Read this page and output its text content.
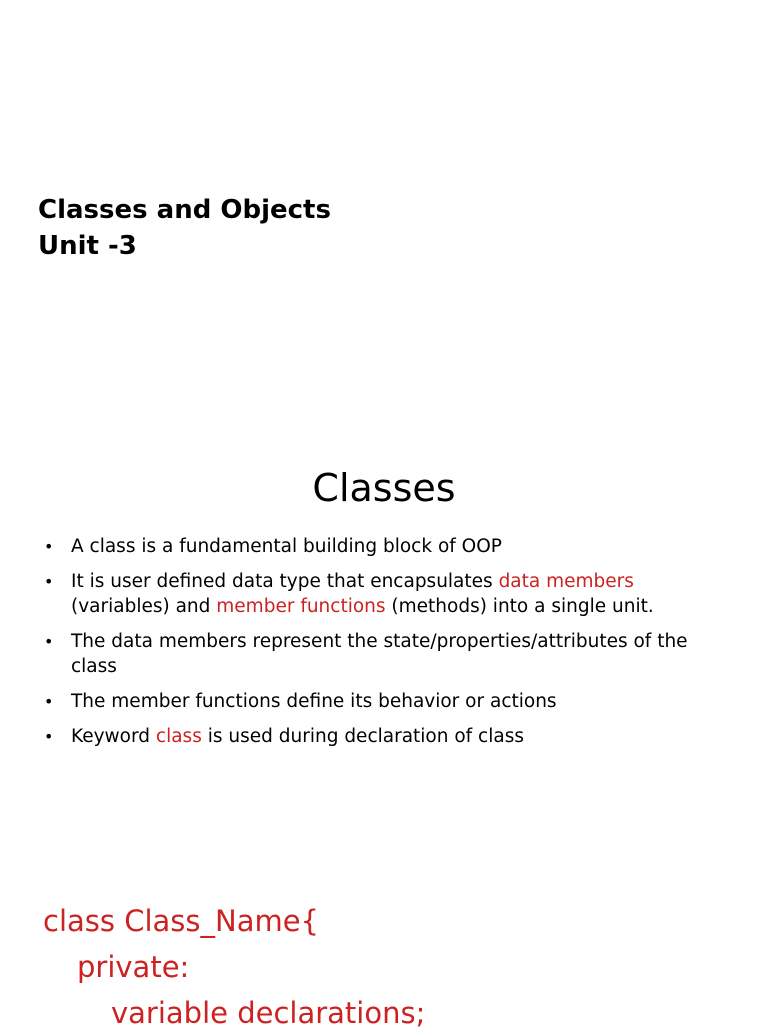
Classes and Objects
Unit -3
Classes
• A class is a fundamental building block of OOP
• It is user defined data type that encapsulates data members (variables) and member functions (methods) into a single unit.
• The data members represent the state/properties/attributes of the class
• The member functions define its behavior or actions
• Keyword class is used during declaration of class
class Class_Name{
private:
variable declarations;
